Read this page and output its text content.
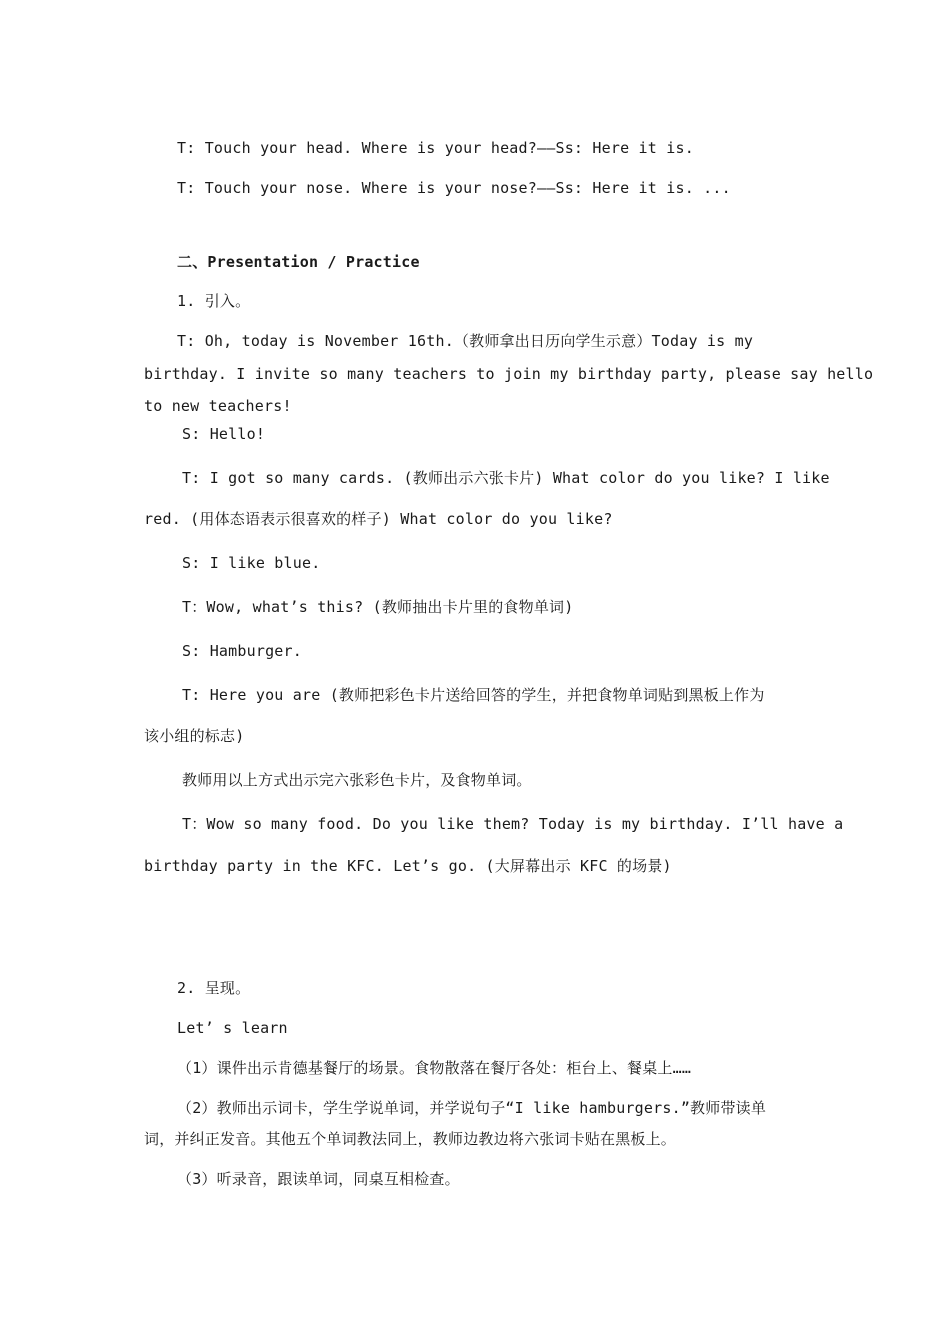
T: Touch your head. Where is your head?——Ss: Here it is.
T: Touch your nose. Where is your nose?——Ss: Here it is. ...
二、Presentation / Practice
1. 引入。
T: Oh, today is November 16th.（教师拿出日历向学生示意）Today is my
birthday. I invite so many teachers to join my birthday party, please say hello
to new teachers!
S: Hello!
T: I got so many cards. (教师出示六张卡片) What color do you like? I like
red. (用体态语表示很喜欢的样子) What color do you like?
S: I like blue.
T：Wow, what’s this? (教师抽出卡片里的食物单词)
S: Hamburger.
T: Here you are (教师把彩色卡片送给回答的学生，并把食物单词贴到黑板上作为
该小组的标志)
教师用以上方式出示完六张彩色卡片，及食物单词。
T：Wow so many food. Do you like them? Today is my birthday. I’ll have a
birthday party in the KFC. Let’s go. (大屏幕出示 KFC 的场景)
2. 呈现。
Let’ s learn
（1）课件出示肯德基餐厅的场景。食物散落在餐厅各处：柜台上、餐桌上……
（2）教师出示词卡，学生学说单词，并学说句子“I like hamburgers.”教师带读单
词，并纠正发音。其他五个单词教法同上，教师边教边将六张词卡贴在黑板上。
（3）听录音，跟读单词，同桌互相检查。
